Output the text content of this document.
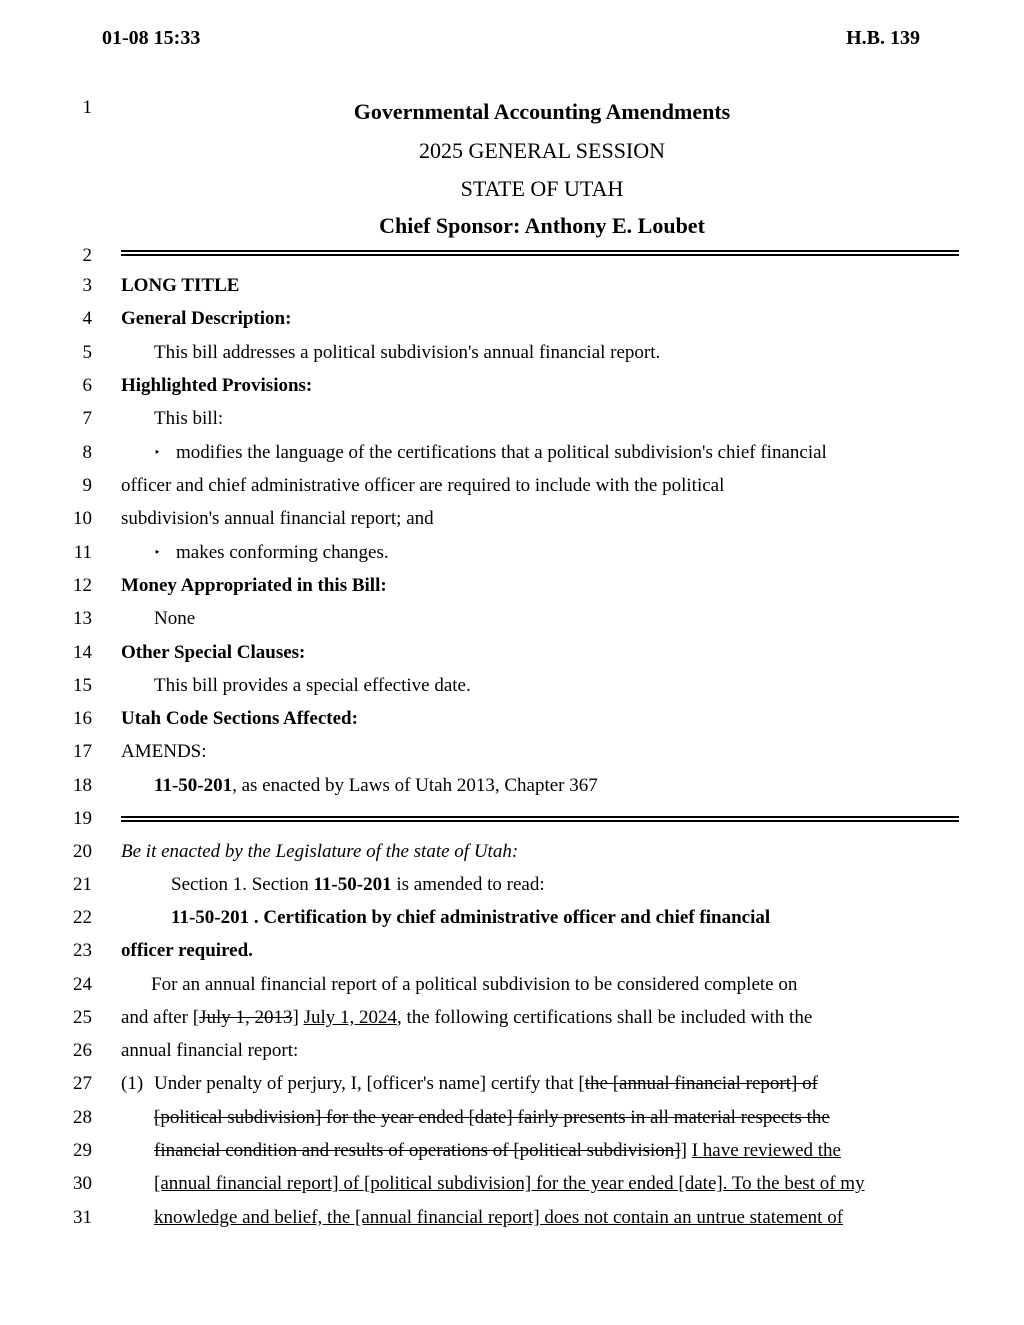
01-08 15:33	H.B. 139
1
2
3
4
5
6
7
8
9
10
11
12
13
14
15
16
17
18
19
20
21
22
23
24
25
26
27
28
29
30
31
Governmental Accounting Amendments
2025 GENERAL SESSION
STATE OF UTAH
Chief Sponsor: Anthony E. Loubet
LONG TITLE
General Description:
This bill addresses a political subdivision's annual financial report.
Highlighted Provisions:
This bill:
‣ modifies the language of the certifications that a political subdivision's chief financial
officer and chief administrative officer are required to include with the political
subdivision's annual financial report; and
‣ makes conforming changes.
Money Appropriated in this Bill:
None
Other Special Clauses:
This bill provides a special effective date.
Utah Code Sections Affected:
AMENDS:
11-50-201, as enacted by Laws of Utah 2013, Chapter 367
Be it enacted by the Legislature of the state of Utah:
Section 1. Section 11-50-201 is amended to read:
11-50-201 . Certification by chief administrative officer and chief financial
officer required.
For an annual financial report of a political subdivision to be considered complete on
and after [July 1, 2013] July 1, 2024, the following certifications shall be included with the
annual financial report:
(1) Under penalty of perjury, I, [officer's name] certify that [the [annual financial report] of
[political subdivision] for the year ended [date] fairly presents in all material respects the
financial condition and results of operations of [political subdivision]] I have reviewed the
[annual financial report] of [political subdivision] for the year ended [date]. To the best of my
knowledge and belief, the [annual financial report] does not contain an untrue statement of
